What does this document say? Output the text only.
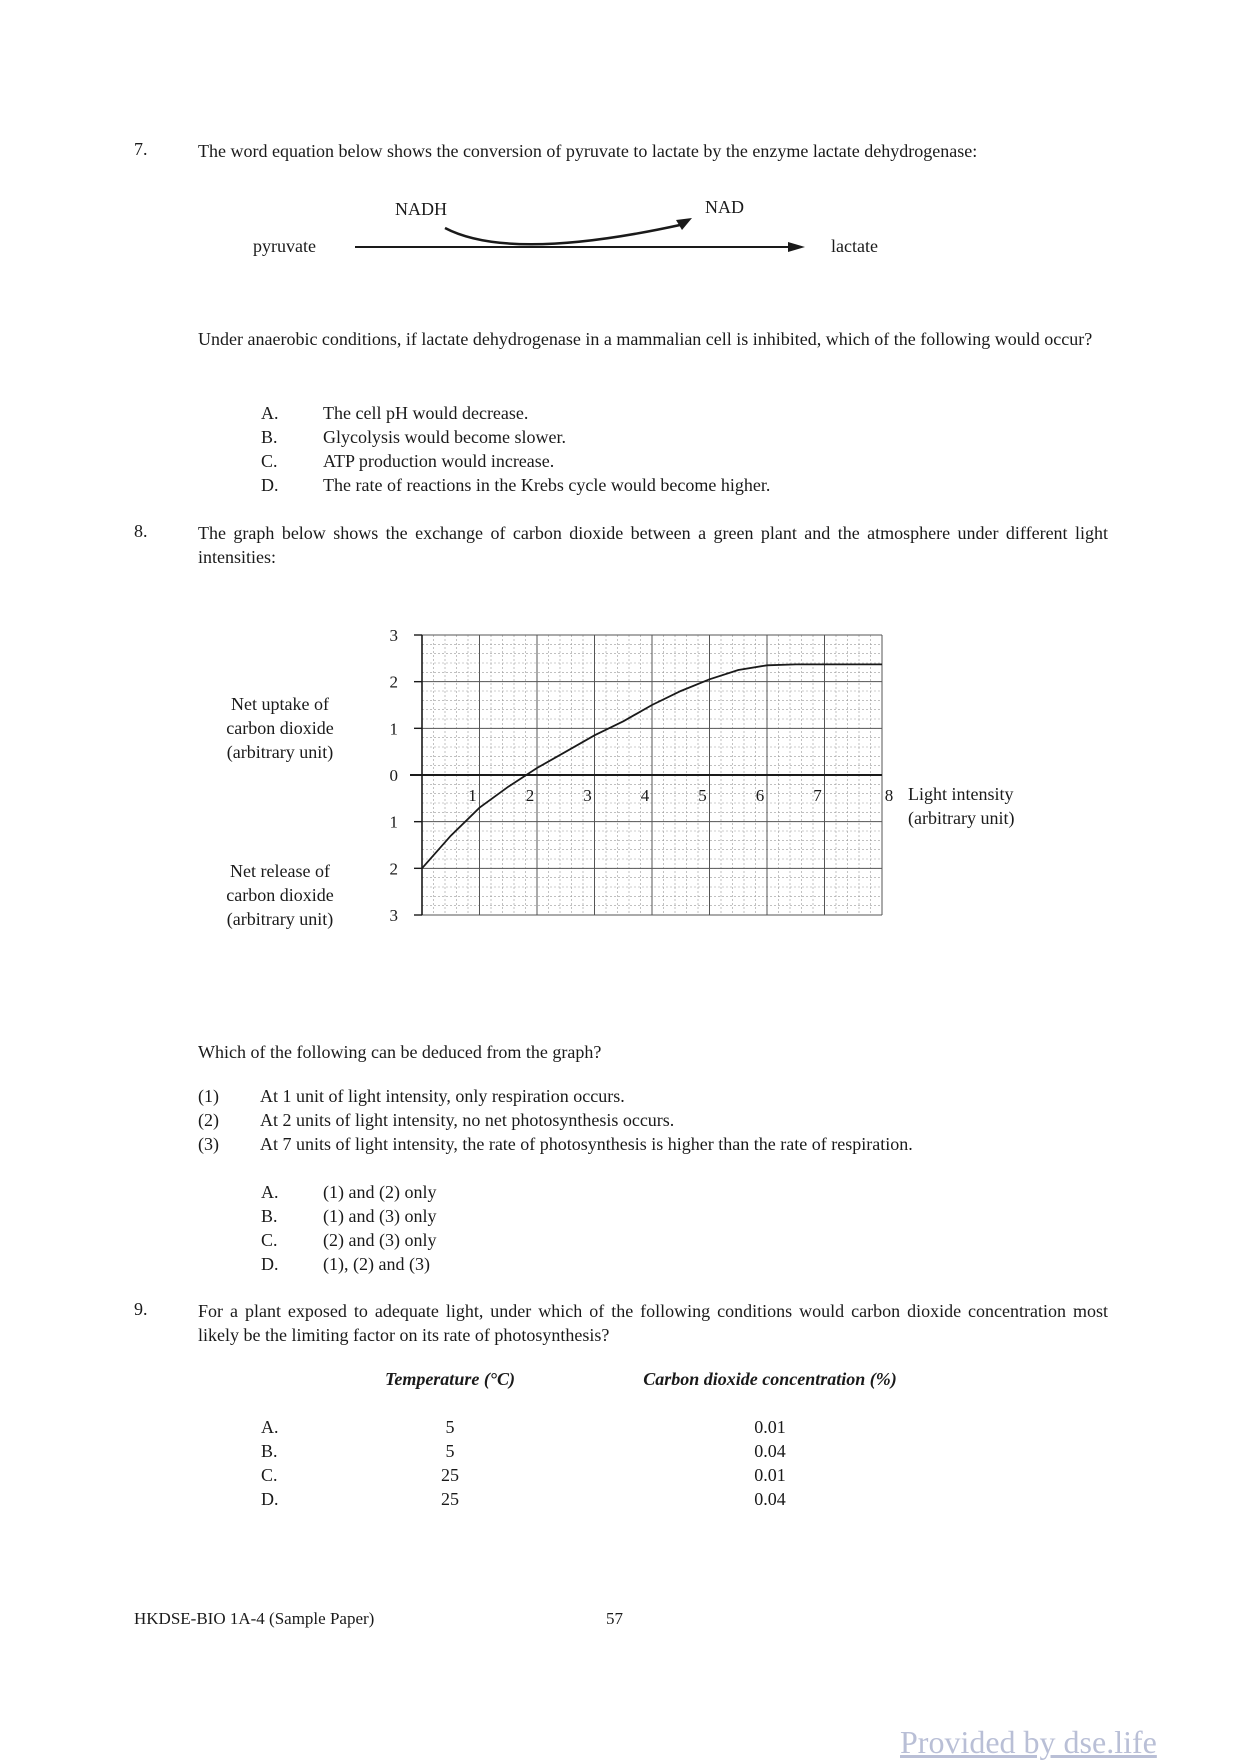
7.	The word equation below shows the conversion of pyruvate to lactate by the enzyme lactate dehydrogenase:
NADH	NAD
pyruvate	lactate
Under anaerobic conditions, if lactate dehydrogenase in a mammalian cell is inhibited, which of the following would occur?
A.	The cell pH would decrease.
B.	Glycolysis would become slower.
C.	ATP production would increase.
D.	The rate of reactions in the Krebs cycle would become higher.
8.	The graph below shows the exchange of carbon dioxide between a green plant and the atmosphere under different light intensities:
3
2
1
0
1
2
3
1	2	3	4	5	6	7	8
Net uptake of
carbon dioxide
(arbitrary unit)
Net release of
carbon dioxide
(arbitrary unit)
Light intensity
(arbitrary unit)
Which of the following can be deduced from the graph?
(1)	At 1 unit of light intensity, only respiration occurs.
(2)	At 2 units of light intensity, no net photosynthesis occurs.
(3)	At 7 units of light intensity, the rate of photosynthesis is higher than the rate of respiration.
A.	(1) and (2) only
B.	(1) and (3) only
C.	(2) and (3) only
D.	(1), (2) and (3)
9.	For a plant exposed to adequate light, under which of the following conditions would carbon dioxide concentration most likely be the limiting factor on its rate of photosynthesis?
Temperature (°C)	Carbon dioxide concentration (%)
A.	5	0.01
B.	5	0.04
C.	25	0.01
D.	25	0.04
HKDSE-BIO 1A-4 (Sample Paper)	57
Provided by dse.life
